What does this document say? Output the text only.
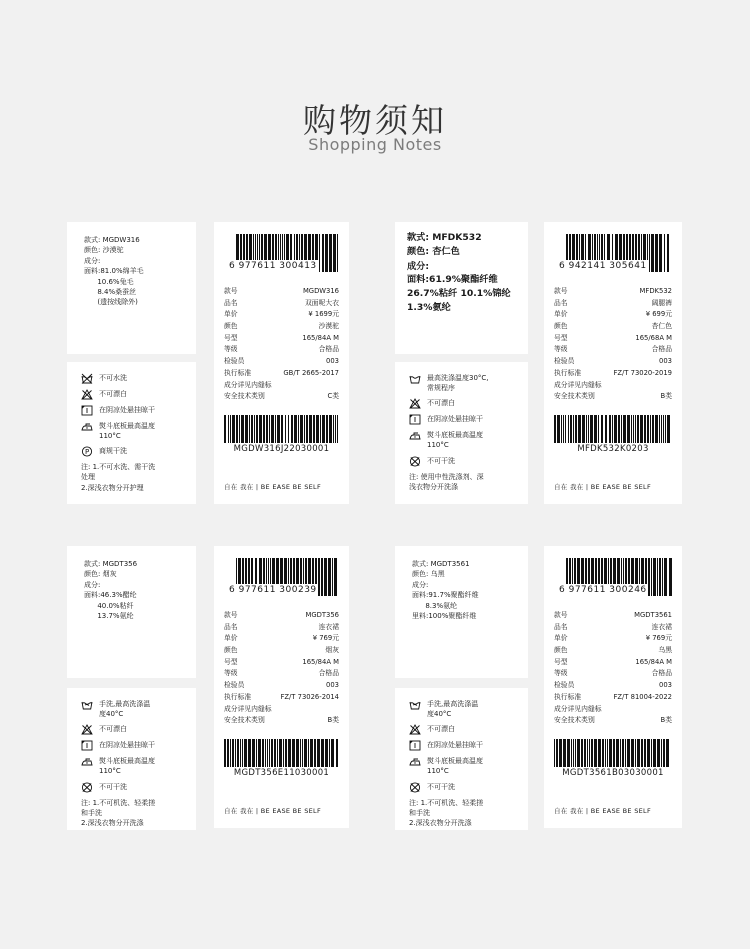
购物须知
Shopping Notes
款式: MGDW316
颜色: 沙漠驼
成分:
面料:81.0%绵羊毛
10.6%兔毛
8.4%桑蚕丝
(遗按线除外)
不可水洗
不可漂白
在阴凉处悬挂晾干
熨斗底板最高温度
110°C
P 商规干洗
注: 1.不可水洗、需干洗
处理
2.深浅衣物分开护理
6 977611 300413
款号	MGDW316
品名	双面呢大衣
单价	¥ 1699元
颜色	沙漠驼
号型	165/84A M
等级	合格品
检验员	003
执行标准	GB/T 2665-2017
成分详见内缝标
安全技术类别	C类
MGDW316J22030001
自在 我在 | BE EASE BE SELF
款式: MFDK532
颜色: 杏仁色
成分:
面料:61.9%聚酯纤维
26.7%粘纤 10.1%锦纶
1.3%氨纶
最高洗涤温度30°C,
常规程序
不可漂白
在阴凉处悬挂晾干
熨斗底板最高温度
110°C
不可干洗
注: 使用中性洗涤剂、深
浅衣物分开洗涤
6 942141 305641
款号	MFDK532
品名	阔腿裤
单价	¥ 699元
颜色	杏仁色
号型	165/68A M
等级	合格品
检验员	003
执行标准	FZ/T 73020-2019
成分详见内缝标
安全技术类别	B类
MFDK532K0203
自在 我在 | BE EASE BE SELF
款式: MGDT356
颜色: 烟灰
成分:
面料:46.3%醋纶
40.0%粘纤
13.7%氨纶
手洗,最高洗涤温
度40°C
不可漂白
在阴凉处悬挂晾干
熨斗底板最高温度
110°C
不可干洗
注: 1.不可机洗、轻柔搓
和手洗
2.深浅衣物分开洗涤
6 977611 300239
款号	MGDT356
品名	连衣裙
单价	¥ 769元
颜色	烟灰
号型	165/84A M
等级	合格品
检验员	003
执行标准	FZ/T 73026-2014
成分详见内缝标
安全技术类别	B类
MGDT356E11030001
自在 我在 | BE EASE BE SELF
款式: MGDT3561
颜色: 乌黑
成分:
面料:91.7%聚酯纤维
8.3%氨纶
里料:100%聚酯纤维
手洗,最高洗涤温
度40°C
不可漂白
在阴凉处悬挂晾干
熨斗底板最高温度
110°C
不可干洗
注: 1.不可机洗、轻柔搓
和手洗
2.深浅衣物分开洗涤
6 977611 300246
款号	MGDT3561
品名	连衣裙
单价	¥ 769元
颜色	乌黑
号型	165/84A M
等级	合格品
检验员	003
执行标准	FZ/T 81004-2022
成分详见内缝标
安全技术类别	B类
MGDT3561B03030001
自在 我在 | BE EASE BE SELF
